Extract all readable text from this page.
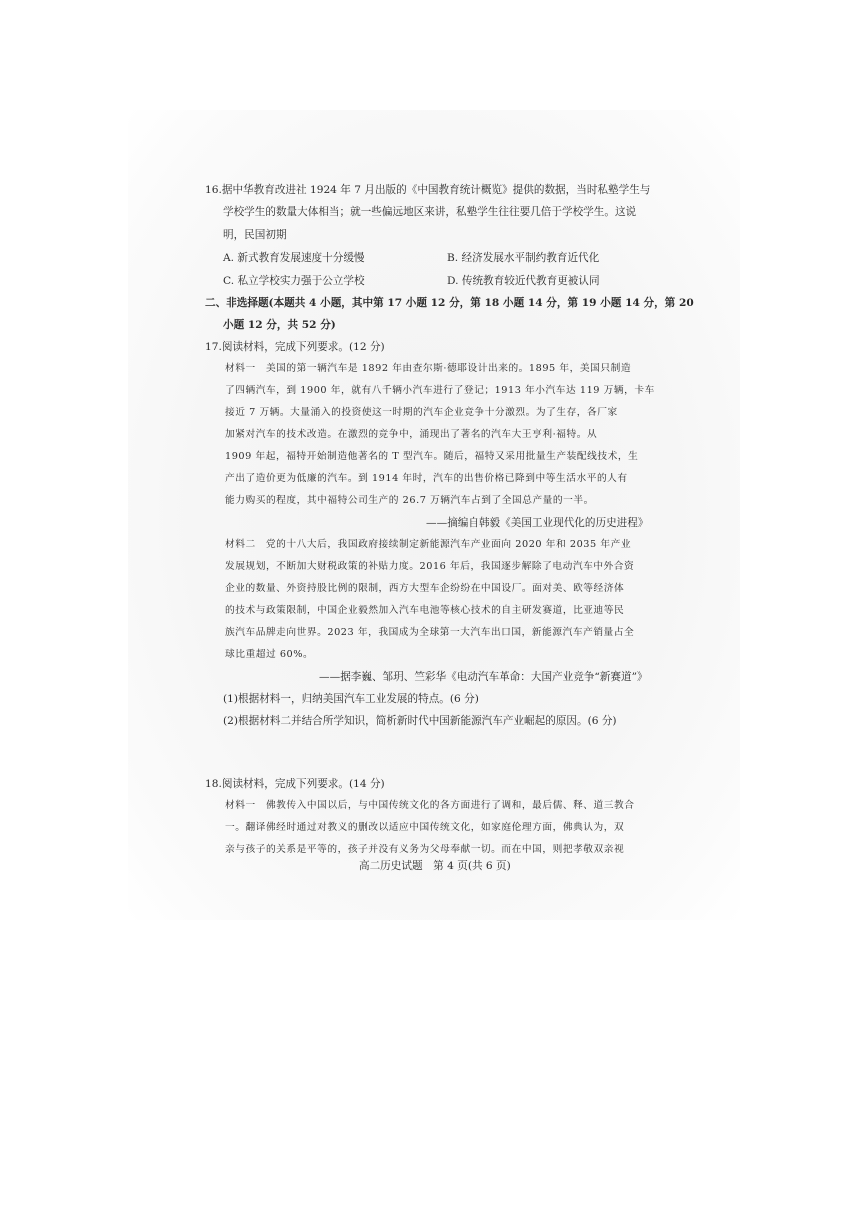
16.据中华教育改进社 1924 年 7 月出版的《中国教育统计概览》提供的数据，当时私塾学生与
学校学生的数量大体相当；就一些偏远地区来讲，私塾学生往往要几倍于学校学生。这说
明，民国初期
A. 新式教育发展速度十分缓慢	B. 经济发展水平制约教育近代化
C. 私立学校实力强于公立学校	D. 传统教育较近代教育更被认同
二、非选择题(本题共 4 小题，其中第 17 小题 12 分，第 18 小题 14 分，第 19 小题 14 分，第 20
小题 12 分，共 52 分)
17.阅读材料，完成下列要求。(12 分)
材料一　美国的第一辆汽车是 1892 年由查尔斯·德耶设计出来的。1895 年，美国只制造
了四辆汽车，到 1900 年，就有八千辆小汽车进行了登记；1913 年小汽车达 119 万辆，卡车
接近 7 万辆。大量涌入的投资使这一时期的汽车企业竞争十分激烈。为了生存，各厂家
加紧对汽车的技术改造。在激烈的竞争中，涌现出了著名的汽车大王亨利·福特。从
1909 年起，福特开始制造他著名的 T 型汽车。随后，福特又采用批量生产装配线技术，生
产出了造价更为低廉的汽车。到 1914 年时，汽车的出售价格已降到中等生活水平的人有
能力购买的程度，其中福特公司生产的 26.7 万辆汽车占到了全国总产量的一半。
——摘编自韩毅《美国工业现代化的历史进程》
材料二　党的十八大后，我国政府接续制定新能源汽车产业面向 2020 年和 2035 年产业
发展规划，不断加大财税政策的补贴力度。2016 年后，我国逐步解除了电动汽车中外合资
企业的数量、外资持股比例的限制，西方大型车企纷纷在中国设厂。面对美、欧等经济体
的技术与政策限制，中国企业毅然加入汽车电池等核心技术的自主研发赛道，比亚迪等民
族汽车品牌走向世界。2023 年，我国成为全球第一大汽车出口国，新能源汽车产销量占全
球比重超过 60%。
——据李巍、邹玥、竺彩华《电动汽车革命：大国产业竞争“新赛道”》
(1)根据材料一，归纳美国汽车工业发展的特点。(6 分)
(2)根据材料二并结合所学知识，简析新时代中国新能源汽车产业崛起的原因。(6 分)
18.阅读材料，完成下列要求。(14 分)
材料一　佛教传入中国以后，与中国传统文化的各方面进行了调和，最后儒、释、道三教合
一。翻译佛经时通过对教义的删改以适应中国传统文化，如家庭伦理方面，佛典认为，双
亲与孩子的关系是平等的，孩子并没有义务为父母奉献一切。而在中国，则把孝敬双亲视
高二历史试题　第 4 页(共 6 页)
